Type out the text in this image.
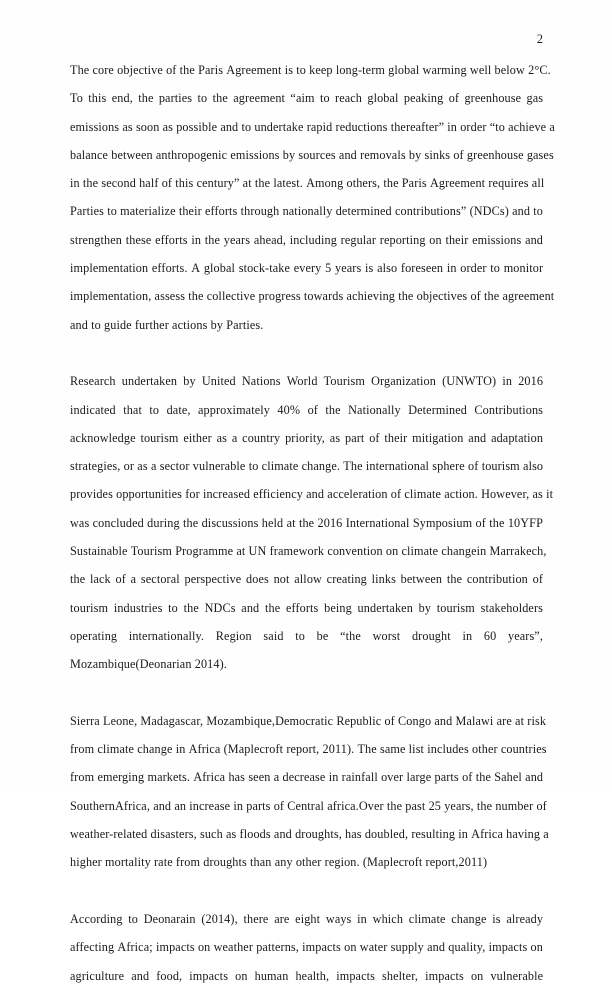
2

The core objective of the Paris Agreement is to keep long-term global warming well below 2°C.
To this end, the parties to the agreement “aim to reach global peaking of greenhouse gas
emissions as soon as possible and to undertake rapid reductions thereafter” in order “to achieve a
balance between anthropogenic emissions by sources and removals by sinks of greenhouse gases
in the second half of this century” at the latest. Among others, the Paris Agreement requires all
Parties to materialize their efforts through nationally determined contributions” (NDCs) and to
strengthen these efforts in the years ahead, including regular reporting on their emissions and
implementation efforts. A global stock-take every 5 years is also foreseen in order to monitor
implementation, assess the collective progress towards achieving the objectives of the agreement
and to guide further actions by Parties.

Research undertaken by United Nations World Tourism Organization (UNWTO) in 2016
indicated that to date, approximately 40% of the Nationally Determined Contributions
acknowledge tourism either as a country priority, as part of their mitigation and adaptation
strategies, or as a sector vulnerable to climate change. The international sphere of tourism also
provides opportunities for increased efficiency and acceleration of climate action. However, as it
was concluded during the discussions held at the 2016 International Symposium of the 10YFP
Sustainable Tourism Programme at UN framework convention on climate changein Marrakech,
the lack of a sectoral perspective does not allow creating links between the contribution of
tourism industries to the NDCs and the efforts being undertaken by tourism stakeholders
operating internationally. Region said to be “the worst drought in 60 years”,
Mozambique(Deonarian 2014).

Sierra Leone, Madagascar, Mozambique,Democratic Republic of Congo and Malawi are at risk
from climate change in Africa (Maplecroft report, 2011). The same list includes other countries
from emerging markets. Africa has seen a decrease in rainfall over large parts of the Sahel and
SouthernAfrica, and an increase in parts of Central africa.Over the past 25 years, the number of
weather-related disasters, such as floods and droughts, has doubled, resulting in Africa having a
higher mortality rate from droughts than any other region. (Maplecroft report,2011)

According to Deonarain (2014), there are eight ways in which climate change is already
affecting Africa; impacts on weather patterns, impacts on water supply and quality, impacts on
agriculture and food, impacts on human health, impacts shelter, impacts on vulnerable
